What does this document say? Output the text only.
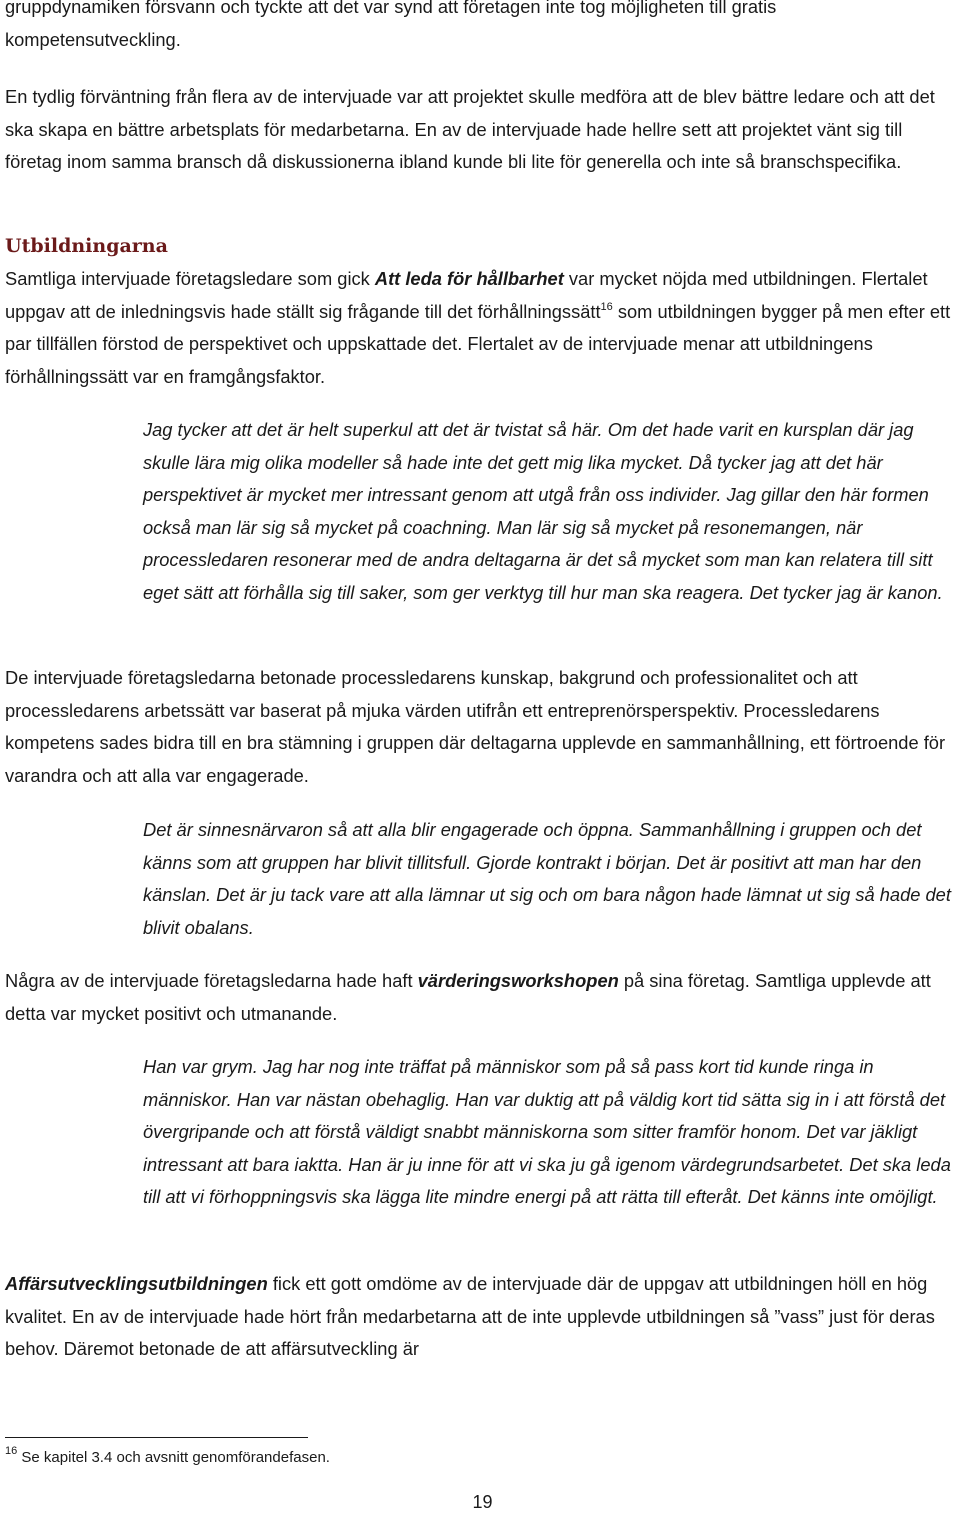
gruppdynamiken försvann och tyckte att det var synd att företagen inte tog möjligheten till gratis kompetensutveckling.

En tydlig förväntning från flera av de intervjuade var att projektet skulle medföra att de blev bättre ledare och att det ska skapa en bättre arbetsplats för medarbetarna. En av de intervjuade hade hellre sett att projektet vänt sig till företag inom samma bransch då diskussionerna ibland kunde bli lite för generella och inte så branschspecifika.

Utbildningarna

Samtliga intervjuade företagsledare som gick Att leda för hållbarhet var mycket nöjda med utbildningen. Flertalet uppgav att de inledningsvis hade ställt sig frågande till det förhållningssätt$^{16}$ som utbildningen bygger på men efter ett par tillfällen förstod de perspektivet och uppskattade det. Flertalet av de intervjuade menar att utbildningens förhållningssätt var en framgångsfaktor.

Jag tycker att det är helt superkul att det är tvistat så här. Om det hade varit en kursplan där jag skulle lära mig olika modeller så hade inte det gett mig lika mycket. Då tycker jag att det här perspektivet är mycket mer intressant genom att utgå från oss individer. Jag gillar den här formen också man lär sig så mycket på coachning. Man lär sig så mycket på resonemangen, när processledaren resonerar med de andra deltagarna är det så mycket som man kan relatera till sitt eget sätt att förhålla sig till saker, som ger verktyg till hur man ska reagera. Det tycker jag är kanon.

De intervjuade företagsledarna betonade processledarens kunskap, bakgrund och professionalitet och att processledarens arbetssätt var baserat på mjuka värden utifrån ett entreprenörsperspektiv. Processledarens kompetens sades bidra till en bra stämning i gruppen där deltagarna upplevde en sammanhållning, ett förtroende för varandra och att alla var engagerade.

Det är sinnesnärvaron så att alla blir engagerade och öppna. Sammanhållning i gruppen och det känns som att gruppen har blivit tillitsfull. Gjorde kontrakt i början. Det är positivt att man har den känslan. Det är ju tack vare att alla lämnar ut sig och om bara någon hade lämnat ut sig så hade det blivit obalans.

Några av de intervjuade företagsledarna hade haft värderingsworkshopen på sina företag. Samtliga upplevde att detta var mycket positivt och utmanande.

Han var grym. Jag har nog inte träffat på människor som på så pass kort tid kunde ringa in människor. Han var nästan obehaglig. Han var duktig att på väldig kort tid sätta sig in i att förstå det övergripande och att förstå väldigt snabbt människorna som sitter framför honom. Det var jäkligt intressant att bara iaktta. Han är ju inne för att vi ska ju gå igenom värdegrundsarbetet. Det ska leda till att vi förhoppningsvis ska lägga lite mindre energi på att rätta till efteråt. Det känns inte omöjligt.

Affärsutvecklingsutbildningen fick ett gott omdöme av de intervjuade där de uppgav att utbildningen höll en hög kvalitet. En av de intervjuade hade hört från medarbetarna att de inte upplevde utbildningen så ”vass” just för deras behov. Däremot betonade de att affärsutveckling är

$^{16}$ Se kapitel 3.4 och avsnitt genomförandefasen.

19
